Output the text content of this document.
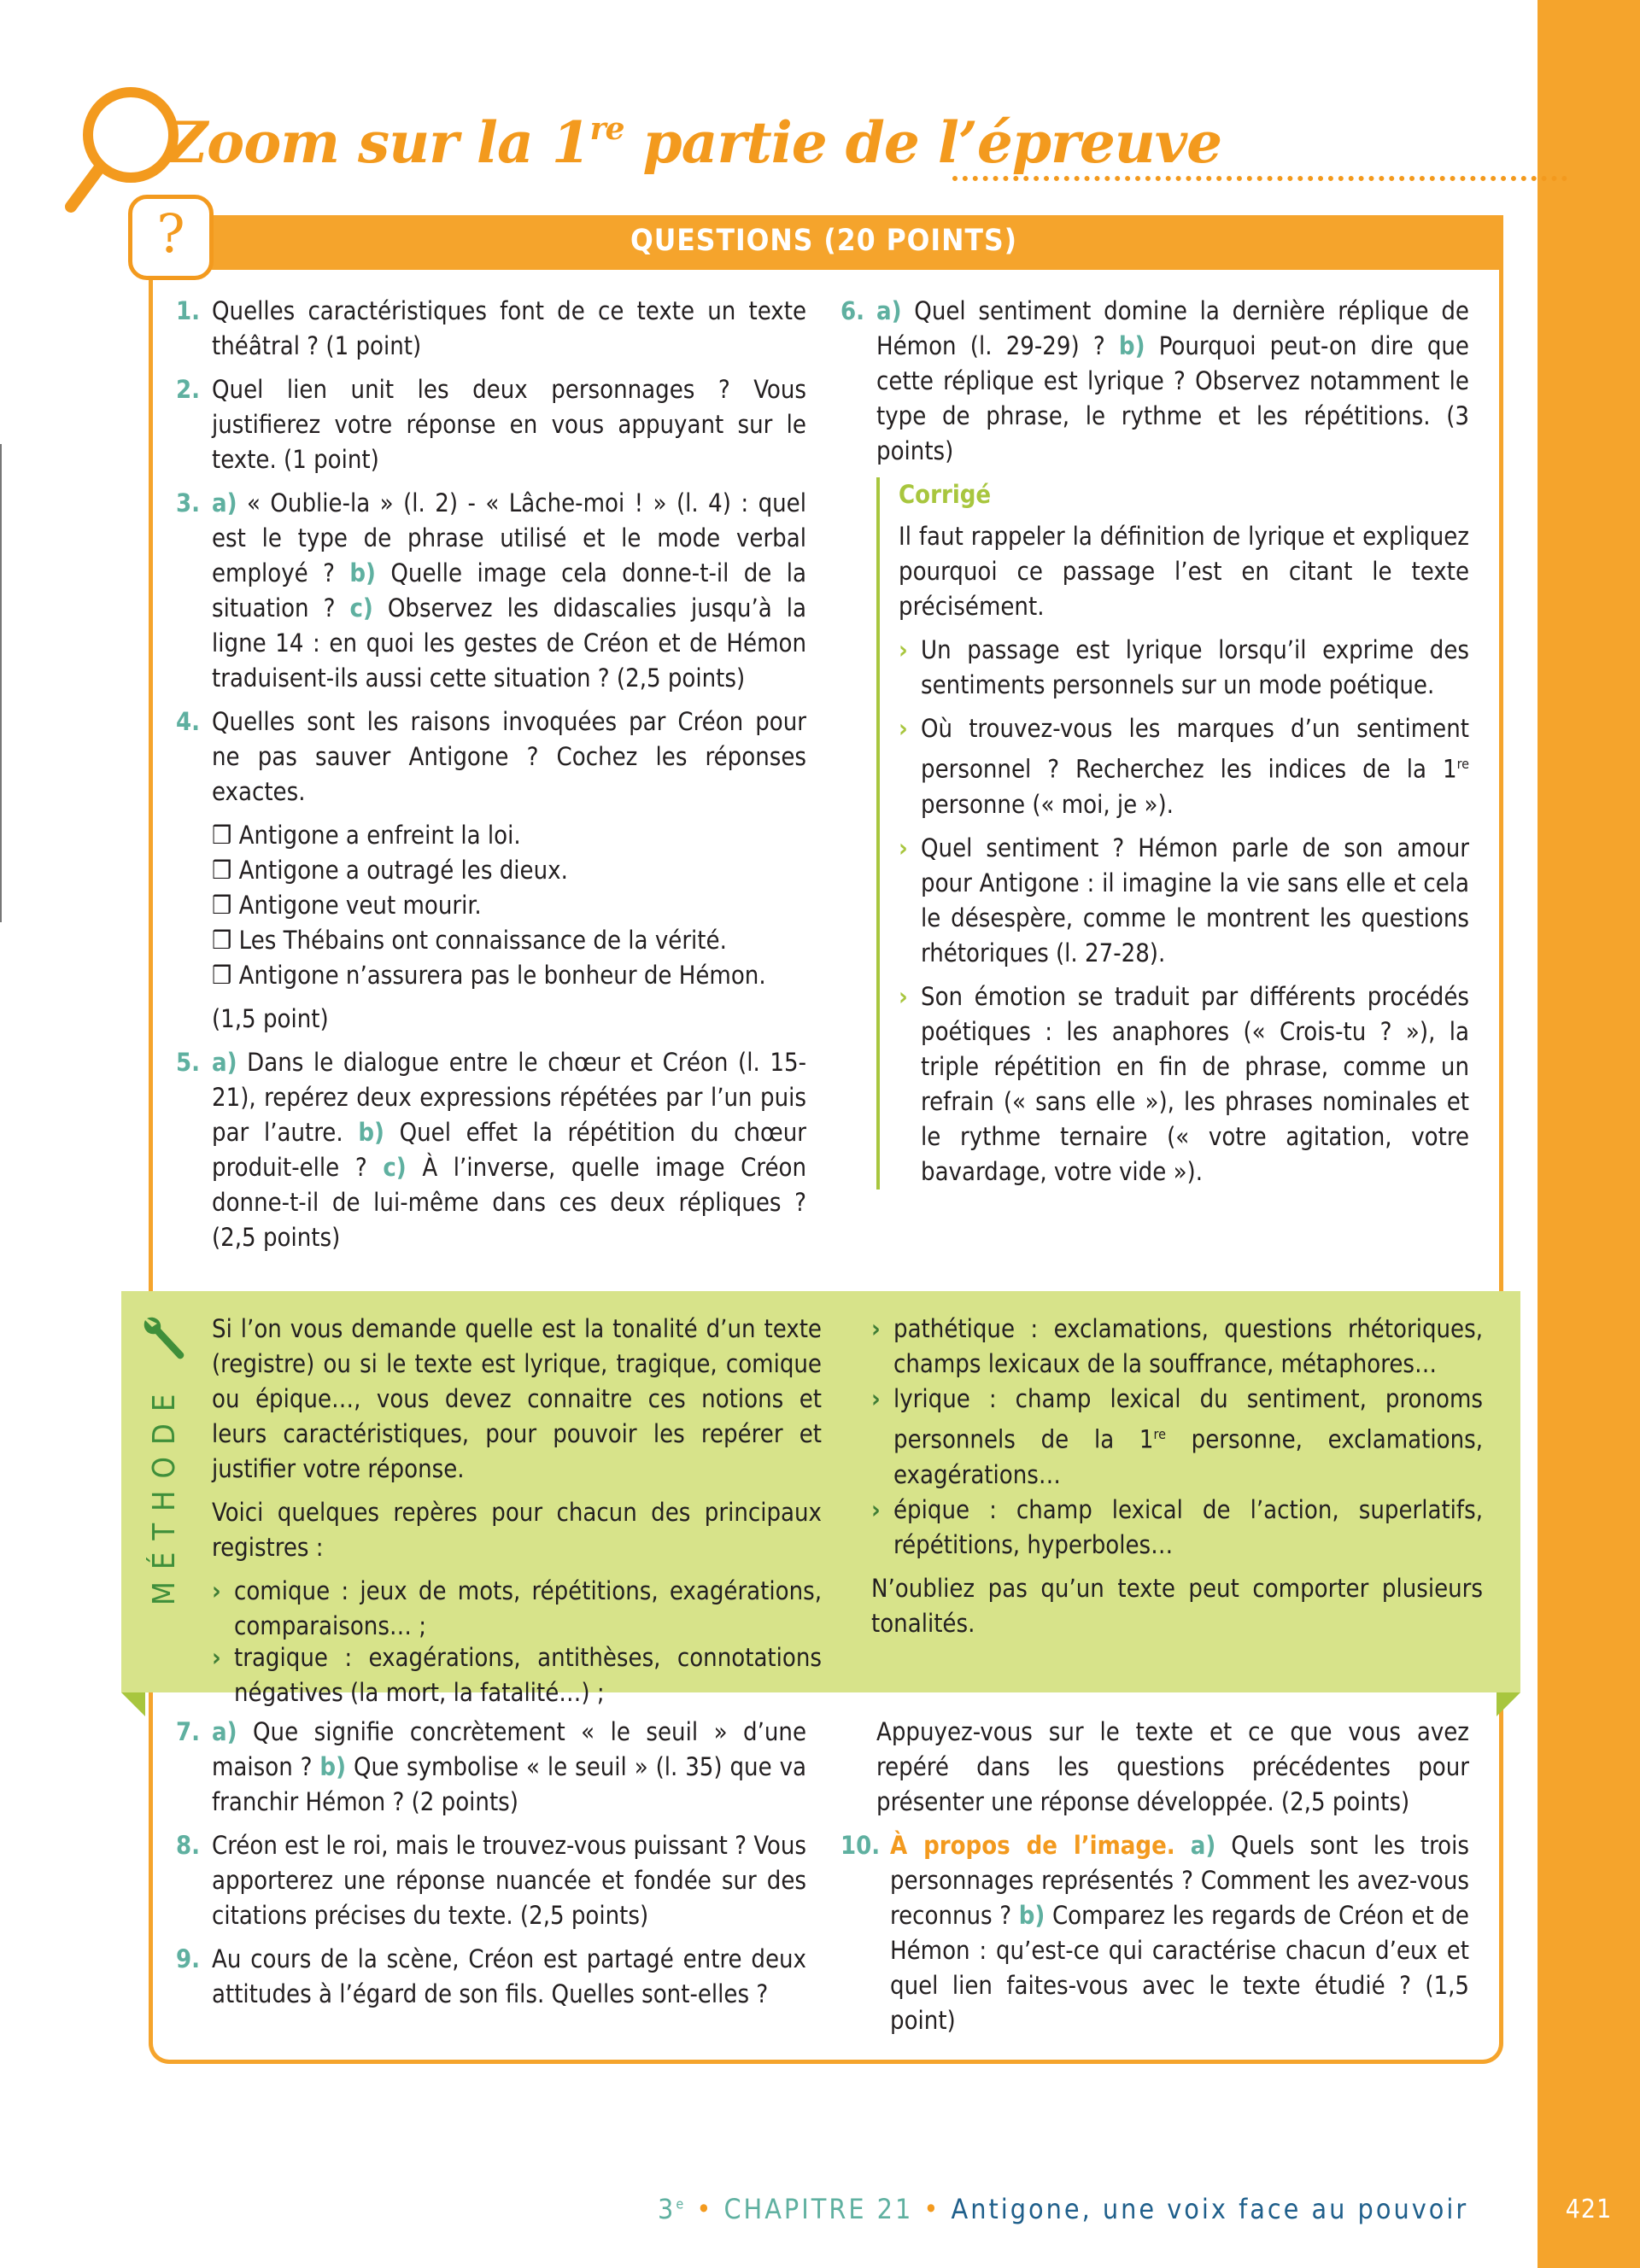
421
Zoom sur la 1re partie de l’épreuve
QUESTIONS (20 POINTS)
?
1. Quelles caractéristiques font de ce texte un texte théâtral ? (1 point)
2. Quel lien unit les deux personnages ? Vous justifierez votre réponse en vous appuyant sur le texte. (1 point)
3. a) « Oublie-la » (l. 2) - « Lâche-moi ! » (l. 4) : quel est le type de phrase utilisé et le mode verbal employé ? b) Quelle image cela donne-t-il de la situation ? c) Observez les didascalies jusqu’à la ligne 14 : en quoi les gestes de Créon et de Hémon traduisent-ils aussi cette situation ? (2,5 points)
4. Quelles sont les raisons invoquées par Créon pour ne pas sauver Antigone ? Cochez les réponses exactes.
❒ Antigone a enfreint la loi.
❒ Antigone a outragé les dieux.
❒ Antigone veut mourir.
❒ Les Thébains ont connaissance de la vérité.
❒ Antigone n’assurera pas le bonheur de Hémon.
(1,5 point)
5. a) Dans le dialogue entre le chœur et Créon (l. 15-21), repérez deux expressions répétées par l’un puis par l’autre. b) Quel effet la répétition du chœur produit-elle ? c) À l’inverse, quelle image Créon donne-t-il de lui-même dans ces deux répliques ? (2,5 points)
6. a) Quel sentiment domine la dernière réplique de Hémon (l. 29-29) ? b) Pourquoi peut-on dire que cette réplique est lyrique ? Observez notamment le type de phrase, le rythme et les répétitions. (3 points)
Corrigé

Il faut rappeler la définition de lyrique et expliquez pourquoi ce passage l’est en citant le texte précisément.

› Un passage est lyrique lorsqu’il exprime des sentiments personnels sur un mode poétique.
› Où trouvez-vous les marques d’un sentiment personnel ? Recherchez les indices de la 1re personne (« moi, je »).
› Quel sentiment ? Hémon parle de son amour pour Antigone : il imagine la vie sans elle et cela le désespère, comme le montrent les questions rhétoriques (l. 27-28).
› Son émotion se traduit par différents procédés poétiques : les anaphores (« Crois-tu ? »), la triple répétition en fin de phrase, comme un refrain (« sans elle »), les phrases nominales et le rythme ternaire (« votre agitation, votre bavardage, votre vide »).
MÉTHODE

Si l’on vous demande quelle est la tonalité d’un texte (registre) ou si le texte est lyrique, tragique, comique ou épique…, vous devez connaitre ces notions et leurs caractéristiques, pour pouvoir les repérer et justifier votre réponse.

Voici quelques repères pour chacun des principaux registres :

› comique : jeux de mots, répétitions, exagérations, comparaisons… ;
› tragique : exagérations, antithèses, connotations négatives (la mort, la fatalité…) ;
› pathétique : exclamations, questions rhétoriques, champs lexicaux de la souffrance, métaphores…
› lyrique : champ lexical du sentiment, pronoms personnels de la 1re personne, exclamations, exagérations…
› épique : champ lexical de l’action, superlatifs, répétitions, hyperboles…

N’oubliez pas qu’un texte peut comporter plusieurs tonalités.

7. a) Que signifie concrètement « le seuil » d’une maison ? b) Que symbolise « le seuil » (l. 35) que va franchir Hémon ? (2 points)
8. Créon est le roi, mais le trouvez-vous puissant ? Vous apporterez une réponse nuancée et fondée sur des citations précises du texte. (2,5 points)
9. Au cours de la scène, Créon est partagé entre deux attitudes à l’égard de son fils. Quelles sont-elles ?

Appuyez-vous sur le texte et ce que vous avez repéré dans les questions précédentes pour présenter une réponse développée. (2,5 points)

10. À propos de l’image. a) Quels sont les trois personnages représentés ? Comment les avez-vous reconnus ? b) Comparez les regards de Créon et de Hémon : qu’est-ce qui caractérise chacun d’eux et quel lien faites-vous avec le texte étudié ? (1,5 point)
3e • CHAPITRE 21 • Antigone, une voix face au pouvoir
